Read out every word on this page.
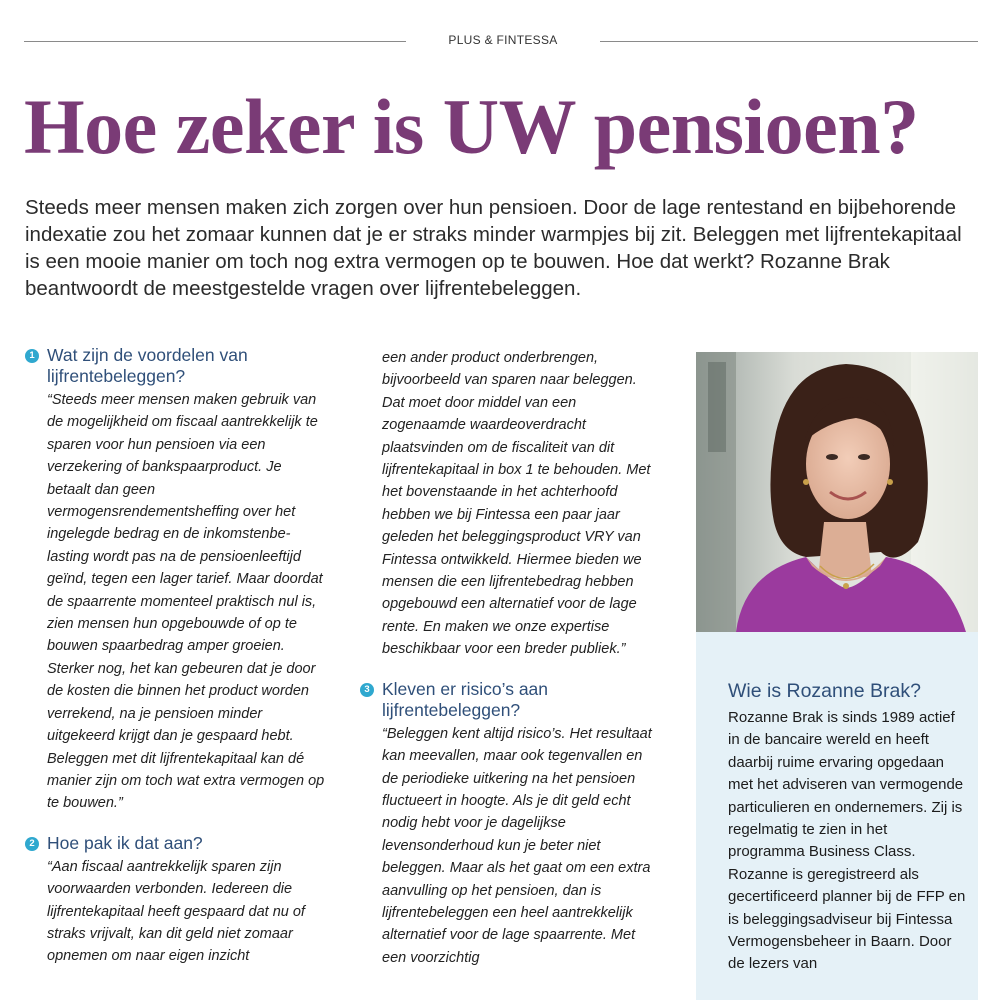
PLUS & FINTESSA
Hoe zeker is UW pensioen?

Steeds meer mensen maken zich zorgen over hun pensioen. Door de lage rentestand en bijbehorende indexatie zou het zomaar kunnen dat je er straks minder warmpjes bij zit. Beleggen met lijfrentekapitaal is een mooie manier om toch nog extra vermogen op te bouwen. Hoe dat werkt? Rozanne Brak beantwoordt de meestgestelde vragen over lijfrentebeleggen.

1 Wat zijn de voordelen van lijfrentebeleggen?

“Steeds meer mensen maken gebruik van de mogelijkheid om fiscaal aantrekkelijk te sparen voor hun pensioen via een verzekering of bankspaarproduct. Je betaalt dan geen vermogensrendementsheffing over het ingelegde bedrag en de inkomstenbelasting wordt pas na de pensioenleeftijd geïnd, tegen een lager tarief. Maar doordat de spaarrente momenteel praktisch nul is, zien mensen hun opgebouwde of op te bouwen spaarbedrag amper groeien. Sterker nog, het kan gebeuren dat je door de kosten die binnen het product worden verrekend, na je pensioen minder uitgekeerd krijgt dan je gespaard hebt. Beleggen met dit lijfrentekapitaal kan dé manier zijn om toch wat extra vermogen op te bouwen.”

2 Hoe pak ik dat aan?

“Aan fiscaal aantrekkelijk sparen zijn voorwaarden verbonden. Iedereen die lijfrentekapitaal heeft gespaard dat nu of straks vrijvalt, kan dit geld niet zomaar opnemen om naar eigen inzicht

een ander product onderbrengen, bijvoorbeeld van sparen naar beleggen. Dat moet door middel van een zogenaamde waardeoverdracht plaatsvinden om de fiscaliteit van dit lijfrentekapitaal in box 1 te behouden. Met het bovenstaande in het achterhoofd hebben we bij Fintessa een paar jaar geleden het beleggingsproduct VRY van Fintessa ontwikkeld. Hiermee bieden we mensen die een lijfrentebedrag hebben opgebouwd een alternatief voor de lage rente. En maken we onze expertise beschikbaar voor een breder publiek.”

3 Kleven er risico’s aan lijfrentebeleggen?

“Beleggen kent altijd risico’s. Het resultaat kan meevallen, maar ook tegenvallen en de periodieke uitkering na het pensioen fluctueert in hoogte. Als je dit geld echt nodig hebt voor je dagelijkse levensonderhoud kun je beter niet beleggen. Maar als het gaat om een extra aanvulling op het pensioen, dan is lijfrentebeleggen een heel aantrekkelijk alternatief voor de lage spaarrente. Met een voorzichtig

Wie is Rozanne Brak?

Rozanne Brak is sinds 1989 actief in de bancaire wereld en heeft daarbij ruime ervaring opgedaan met het adviseren van vermogende particulieren en ondernemers. Zij is regelmatig te zien in het programma Business Class. Rozanne is geregistreerd als gecertificeerd planner bij de FFP en is beleggingsadviseur bij Fintessa Vermogensbeheer in Baarn. Door de lezers van
